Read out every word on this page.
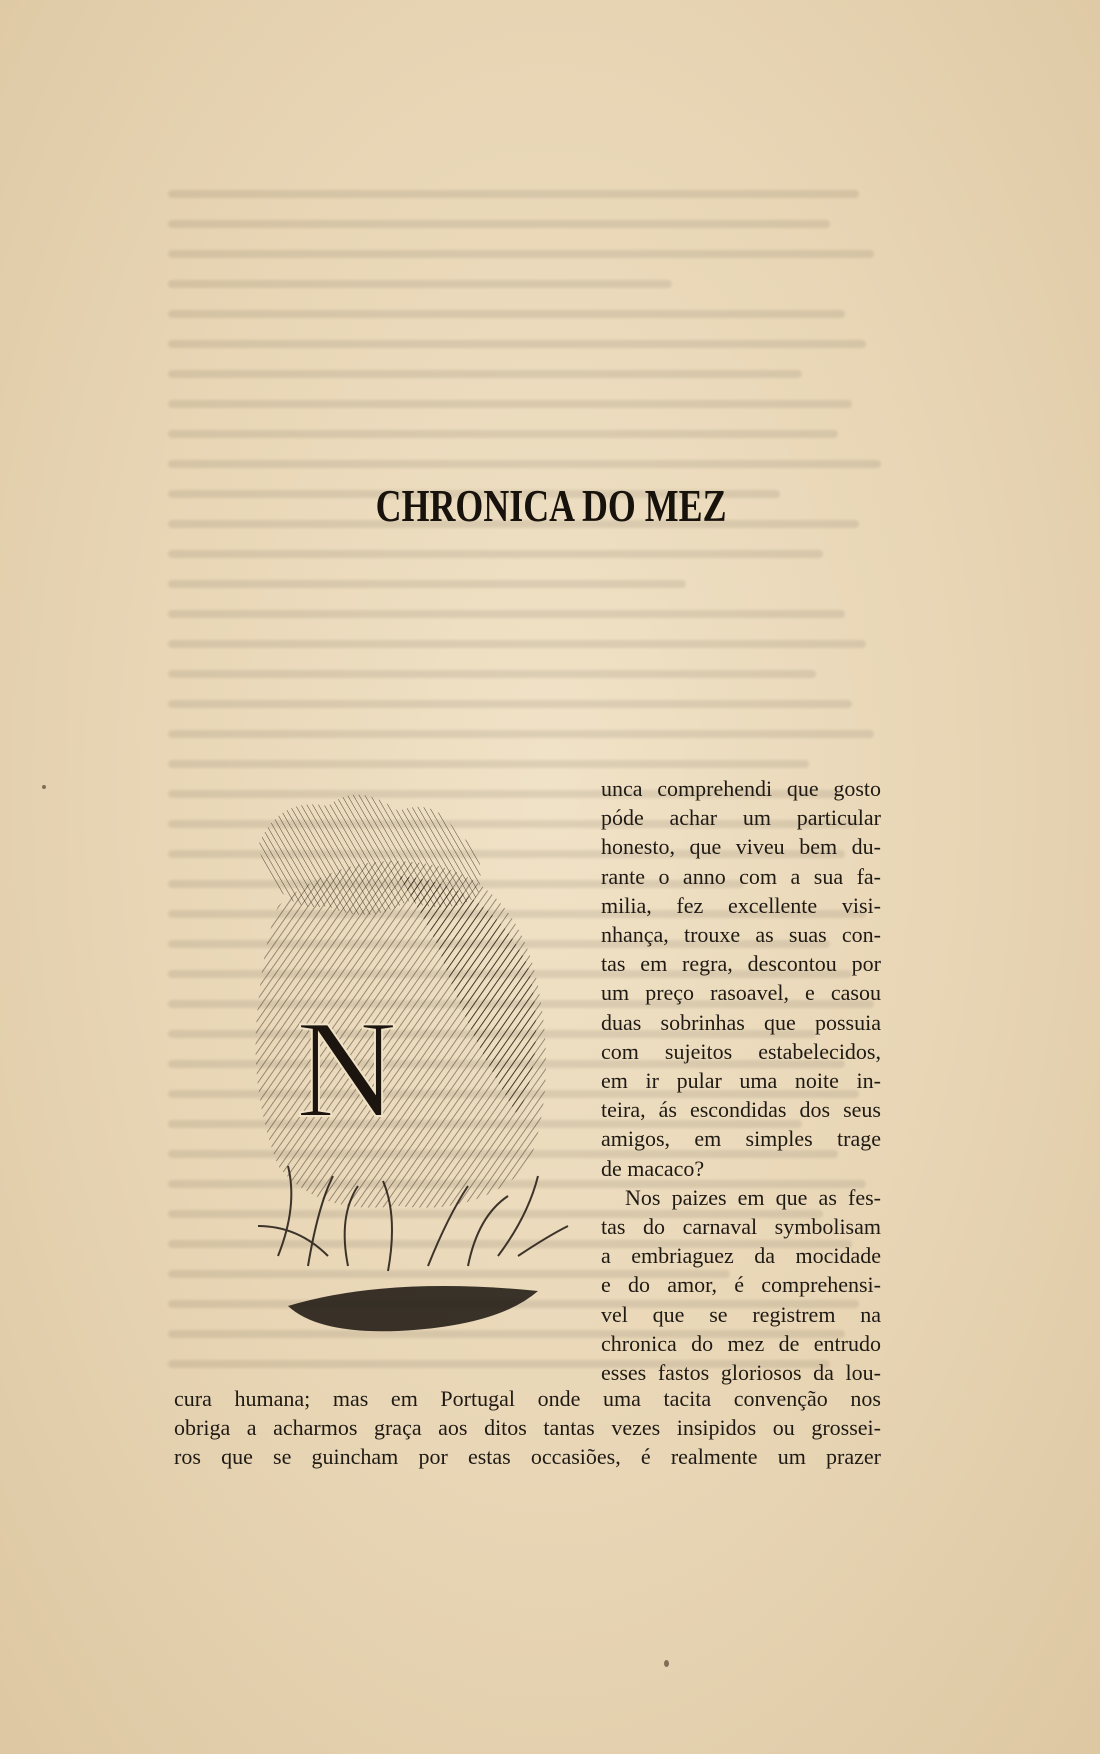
CHRONICA DO MEZ
N
unca comprehendi que gosto
póde achar um particular
honesto, que viveu bem du-
rante o anno com a sua fa-
milia, fez excellente visi-
nhança, trouxe as suas con-
tas em regra, descontou por
um preço rasoavel, e casou
duas sobrinhas que possuia
com sujeitos estabelecidos,
em ir pular uma noite in-
teira, ás escondidas dos seus
amigos, em simples trage
de macaco?
Nos paizes em que as fes-
tas do carnaval symbolisam
a embriaguez da mocidade
e do amor, é comprehensi-
vel que se registrem na
chronica do mez de entrudo
esses fastos gloriosos da lou-
cura humana; mas em Portugal onde uma tacita convenção nos
obriga a acharmos graça aos ditos tantas vezes insipidos ou grossei-
ros que se guincham por estas occasiões, é realmente um prazer
